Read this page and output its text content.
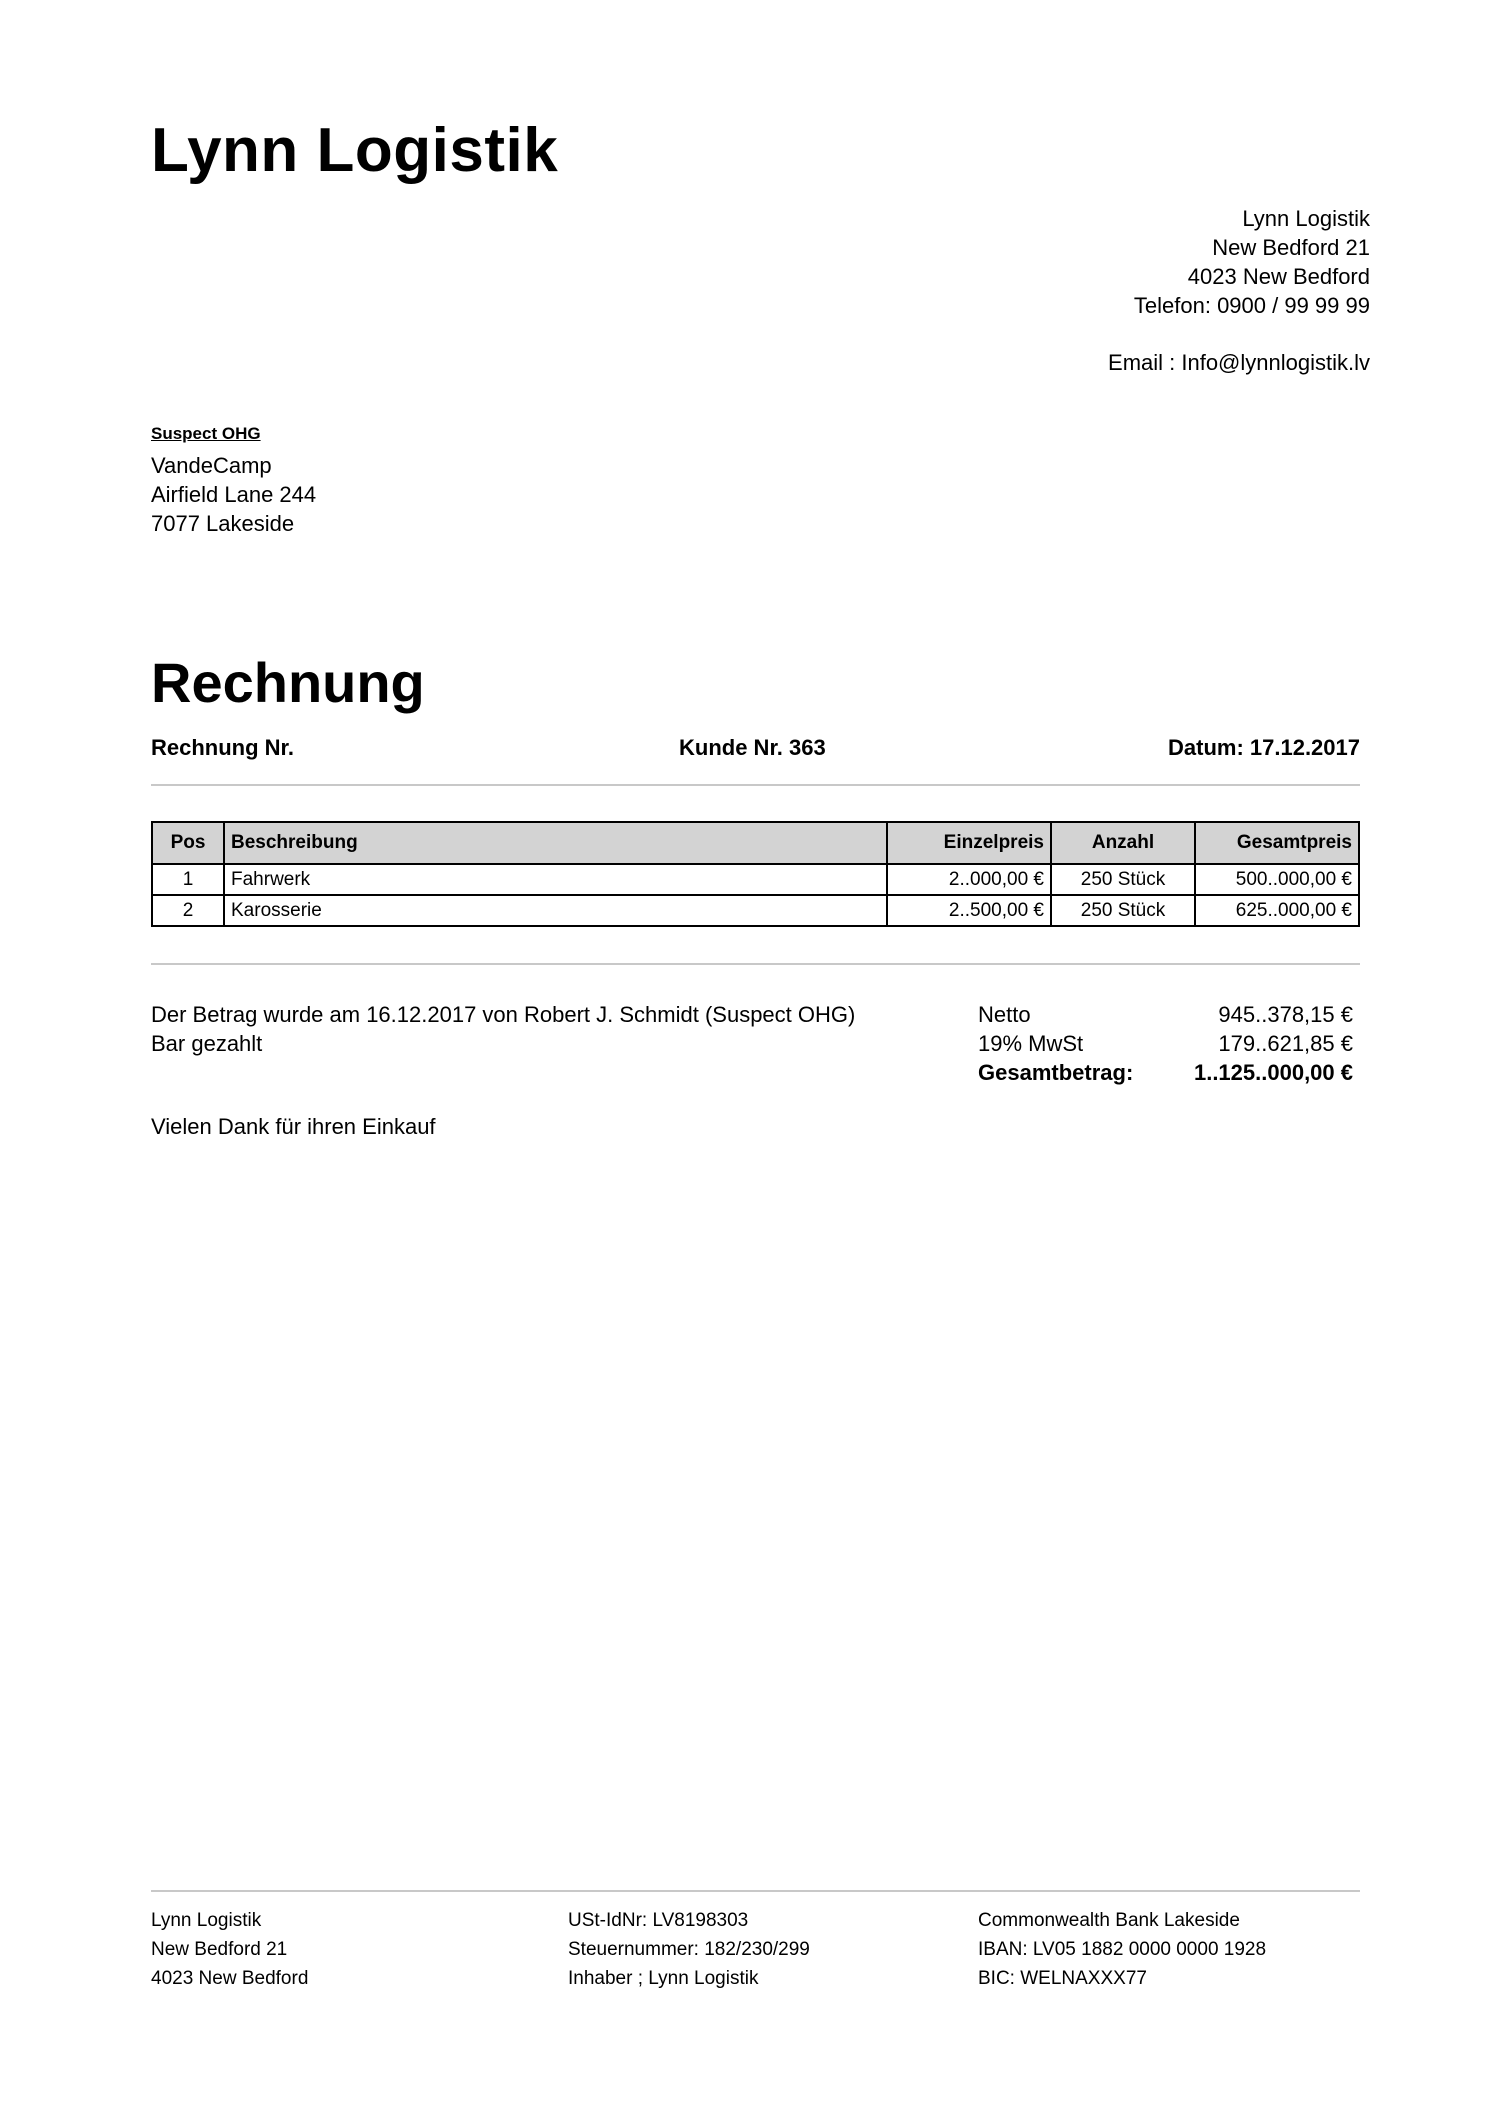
Lynn Logistik
Lynn Logistik
New Bedford 21
4023 New Bedford
Telefon: 0900 / 99 99 99
Email : Info@lynnlogistik.lv
Suspect OHG
VandeCamp
Airfield Lane 244
7077 Lakeside
Rechnung
Rechnung Nr.	Kunde Nr. 363	Datum: 17.12.2017
Pos	Beschreibung	Einzelpreis	Anzahl	Gesamtpreis
1	Fahrwerk	2..000,00 €	250 Stück	500..000,00 €
2	Karosserie	2..500,00 €	250 Stück	625..000,00 €
Der Betrag wurde am 16.12.2017 von Robert J. Schmidt (Suspect OHG)
Bar gezahlt
Netto	945..378,15 €
19% MwSt	179..621,85 €
Gesamtbetrag:	1..125..000,00 €
Vielen Dank für ihren Einkauf
Lynn Logistik
New Bedford 21
4023 New Bedford
USt-IdNr: LV8198303
Steuernummer: 182/230/299
Inhaber ; Lynn Logistik
Commonwealth Bank Lakeside
IBAN: LV05 1882 0000 0000 1928
BIC: WELNAXXX77
